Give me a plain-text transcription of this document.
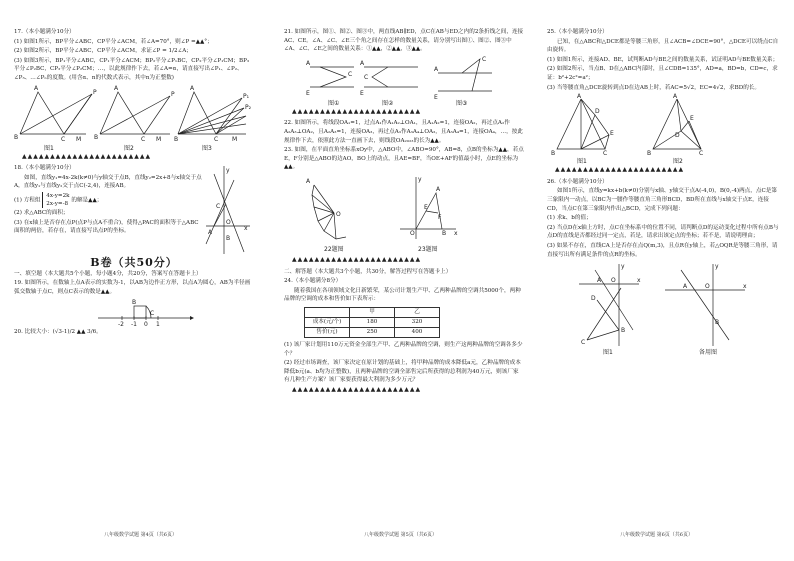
17.（本小题满分10分）
(1) 如图1所示，BP平分∠ABC，CP平分∠ACM，若∠A=70°，则∠P =▲▲°；
(2) 如图2所示，BP平分∠ABC，CP平分∠ACM，求证∠P = 1/2∠A；
(3) 如图3所示，BP₁平分∠ABC，CP₁平分∠ACM；BP₂平分∠P₁BC，CP₂平分∠P₁CM；BP₃平分∠P₂BC，CP₃平分∠P₂CM；…，以此规律作下去，若∠A=α，请直接写出∠P₁、∠P₂、∠P₃、…∠Pₙ的度数。(用含α、n的代数式表示，其中n为正整数)
A
P
B	C M
图1
A
P
B	C M
图2
A
P₁
P₂
B	C M
图3
▲▲▲▲▲▲▲▲▲▲▲▲▲▲▲▲▲▲▲▲▲▲▲
18.（本小题满分10分）
如图，直线y₁=4x-2k(k≠0)与y轴交于点B，直线y₂=2x+8与x轴交于点A，直线y₁与直线y₂交于点C(-2,4)，连接AB。
(1) 方程组 4x-y=2k
2x-y=-8 的解是▲▲；
(2) 求△ABC的面积；
(3) 在x轴上是否存在点P(点P与点A不重合)，使得△PAC的面积等于△ABC面积的两倍，若存在，请直接写出点P的坐标。
C
O
A
B
x
y
B卷（共50分）
一、填空题（本大题共5个小题，每小题4分，共20分，答案写在答题卡上）
19. 如图所示，在数轴上点A表示的实数为-1，以AB为边作正方形，以点A为圆心，AB为半径画弧交数轴于点C，则点C表示的数是▲▲。
B
-2 -1 0 1
C
20. 比较大小：(√3-1)/2 ▲▲ 3/6。
八年级数学试题 第4页（共6页）
21. 如图所示，图①、图②、图③中，两直线AB∥ED，点C在AB与ED之内的2条折线之间，连接AC、CE。∠A、∠C、∠E三个角之间存在怎样的数量关系，请分别写出图①、图②、图③中∠A、∠C、∠E之间的数量关系：①▲▲，②▲▲，③▲▲。
A
C
E
图①
A
C
E
图②
A
C
E
图③
▲▲▲▲▲▲▲▲▲▲▲▲▲▲▲▲▲▲▲▲▲▲▲
22. 如图所示，将线段OA₁=1，过点A₁作A₁A₂⊥OA₁，且A₁A₂=1，连接OA₂，再过点A₂作A₂A₃⊥OA₂，且A₂A₃=1，连接OA₃，再过点A₃作A₃A₄⊥OA₃，且A₃A₄=1，连接OA₄，…，按此规律作下去，依照此方法一直画下去，则线段OA₂₀₂₃的长为▲▲。
23. 如图，在平面直角坐标系xOy中，△ABO中，∠ABO=90°，AB=8，点B的坐标为▲▲，若点E，F分别是△ABO的边AO，BO上的动点，且AE=BF，当OE+AF的值最小时，点E的坐标为▲▲。
O
A
22题图
A
O	B
E
F
x
y
23题图
▲▲▲▲▲▲▲▲▲▲▲▲▲▲▲▲▲▲▲▲▲▲▲
二、解答题（本大题共3个小题，共30分，解答过程写在答题卡上）
24.（本小题满分8分）
随着我国在各项领域文化日新繁荣，某公司计划生产甲、乙两种品牌的空调共5000个，两种品牌的空调的成本和售价如下表所示：
	甲	乙
成本(元/个)	180	320
售价(元)	250	400
(1) 该厂家计划用110万元资金全部生产甲、乙两种品牌的空调，则生产这两种品牌的空调各多少个？
(2) 经过市场调查，该厂家决定在原计划的基础上，将甲种品牌的成本降低a元，乙种品牌的成本降低b元(a、b均为正整数)，且两种品牌的空调全部售完后所获得的总利润为40万元，则该厂家有几种生产方案？该厂家要获得最大利润为多少万元？
▲▲▲▲▲▲▲▲▲▲▲▲▲▲▲▲▲▲▲▲▲▲▲
八年级数学试题 第5页（共6页）
25.（本小题满分10分）
已知，在△ABC和△DCE都是等腰三角形，且∠ACB=∠DCE=90°，△DCE可以绕点C自由旋转。
(1) 如图1所示，连接AD、BE，试判断AD与BE之间的数量关系，试证明AD与BE数量关系；
(2) 如图2所示，当点B、D在△ABC内部时，且∠CDB=135°，AD=a，BD=b，CD=c，求证：b²+2c²=a²；
(3) 当等腰直角△DCE旋转到点D在边AB上时，若AC=5√2，EC=4√2，求BD的长。
A
B	C
D
E
图1
A
B	C
D
E
图2
▲▲▲▲▲▲▲▲▲▲▲▲▲▲▲▲▲▲▲▲▲▲▲
26.（本小题满分10分）
如图1所示，直线y=kx+b(k≠0)分别与x轴、y轴交于点A(-4,0)，B(0,-4)两点，点C是第三象限内一动点，以BC为一腰作等腰直角三角形BCD，BD所在直线与x轴交于点E，连接CD，当点C在第三象限内作出△BCD，完成下列问题：
(1) 求k、b的值；
(2) 当点D在x轴上方时，点C在坐标系中的位置不同，请判断点D的运动变化过程中所有点B与点D的直线是否都经过同一定点，若是，请求出该定点的坐标；若不是，请说明理由；
(3) 如果不存在，直线CA上是否存在点Q(m,3)，且点R在y轴上，若△OQR是等腰三角形，请直接写出所有满足条件的点R的坐标。
A O	x
y
B
C
D
图1
A	O	x
y
B
备用图
八年级数学试题 第6页（共6页）
